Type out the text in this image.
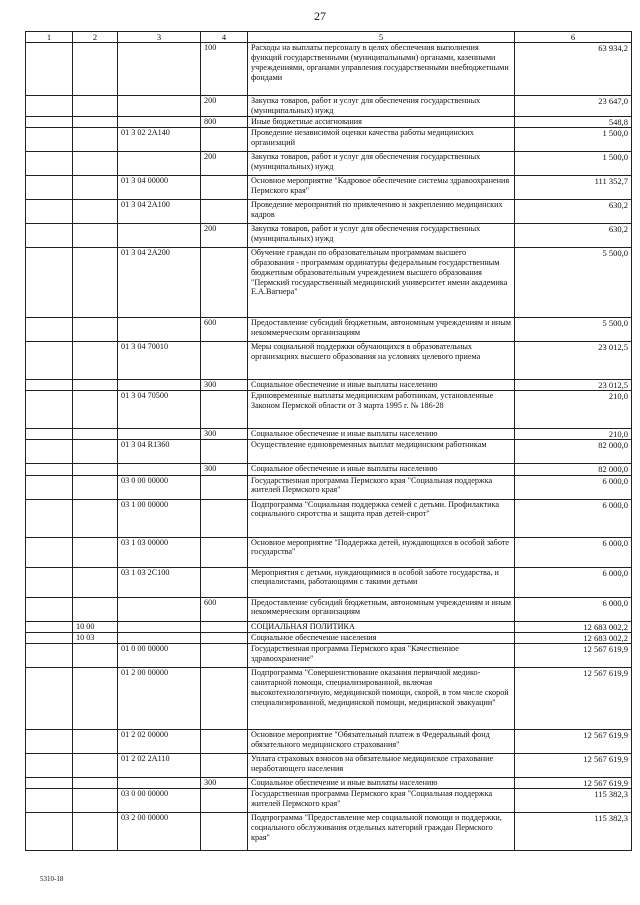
27
1	2	3	4	5	6
			100	Расходы на выплаты персоналу в целях обеспечения выполнения функций государственными (муниципальными) органами, казенными учреждениями, органами управления государственными внебюджетными фондами	63 934,2
			200	Закупка товаров, работ и услуг для обеспечения государственных (муниципальных) нужд	23 647,0
			800	Иные бюджетные ассигнования	548,8
		01 3 02 2А140		Проведение независимой оценки качества работы медицинских организаций	1 500,0
			200	Закупка товаров, работ и услуг для обеспечения государственных (муниципальных) нужд	1 500,0
		01 3 04 00000		Основное мероприятие "Кадровое обеспечение системы здравоохранения Пермского края"	111 352,7
		01 3 04 2А100		Проведение мероприятий по привлечению и закреплению медицинских кадров	630,2
			200	Закупка товаров, работ и услуг для обеспечения государственных (муниципальных) нужд	630,2
		01 3 04 2А200		Обучение граждан по образовательным программам высшего образования - программам ординатуры федеральным государственным бюджетным образовательным учреждением высшего образования "Пермский государственный медицинский университет имени академика Е.А.Вагнера"	5 500,0
			600	Предоставление субсидий бюджетным, автономным учреждениям и иным некоммерческим организациям	5 500,0
		01 3 04 70010		Меры социальной поддержки обучающихся в образовательных организациях высшего образования на условиях целевого приема	23 012,5
			300	Социальное обеспечение и иные выплаты населению	23 012,5
		01 3 04 70500		Единовременные выплаты медицинским работникам, установленные Законом Пермской области от 3 марта 1995 г. № 186-28	210,0
			300	Социальное обеспечение и иные выплаты населению	210,0
		01 3 04 R1360		Осуществление единовременных выплат медицинским работникам	82 000,0
			300	Социальное обеспечение и иные выплаты населению	82 000,0
		03 0 00 00000		Государственная программа Пермского края "Социальная поддержка жителей Пермского края"	6 000,0
		03 1 00 00000		Подпрограмма "Социальная поддержка семей с детьми. Профилактика социального сиротства и защита прав детей-сирот"	6 000,0
		03 1 03 00000		Основное мероприятие "Поддержка детей, нуждающихся в особой заботе государства"	6 000,0
		03 1 03 2С100		Мероприятия с детьми, нуждающимися в особой заботе государства, и специалистами, работающими с такими детьми	6 000,0
			600	Предоставление субсидий бюджетным, автономным учреждениям и иным некоммерческим организациям	6 000,0
	10 00			СОЦИАЛЬНАЯ ПОЛИТИКА	12 683 002,2
	10 03			Социальное обеспечение населения	12 683 002,2
		01 0 00 00000		Государственная программа Пермского края "Качественное здравоохранение"	12 567 619,9
		01 2 00 00000		Подпрограмма "Совершенствование оказания первичной медико-санитарной помощи, специализированной, включая высокотехнологичную, медицинской помощи, скорой, в том числе скорой специализированной, медицинской помощи, медицинской эвакуации"	12 567 619,9
		01 2 02 00000		Основное мероприятие "Обязательный платеж в Федеральный фонд обязательного медицинского страхования"	12 567 619,9
		01 2 02 2А110		Уплата страховых взносов на обязательное медицинское страхование неработающего населения	12 567 619,9
			300	Социальное обеспечение и иные выплаты населению	12 567 619,9
		03 0 00 00000		Государственная программа Пермского края "Социальная поддержка жителей Пермского края"	115 382,3
		03 2 00 00000		Подпрограмма "Предоставление мер социальной помощи и поддержки, социального обслуживания отдельных категорий граждан Пермского края"	115 382,3
5310-18
